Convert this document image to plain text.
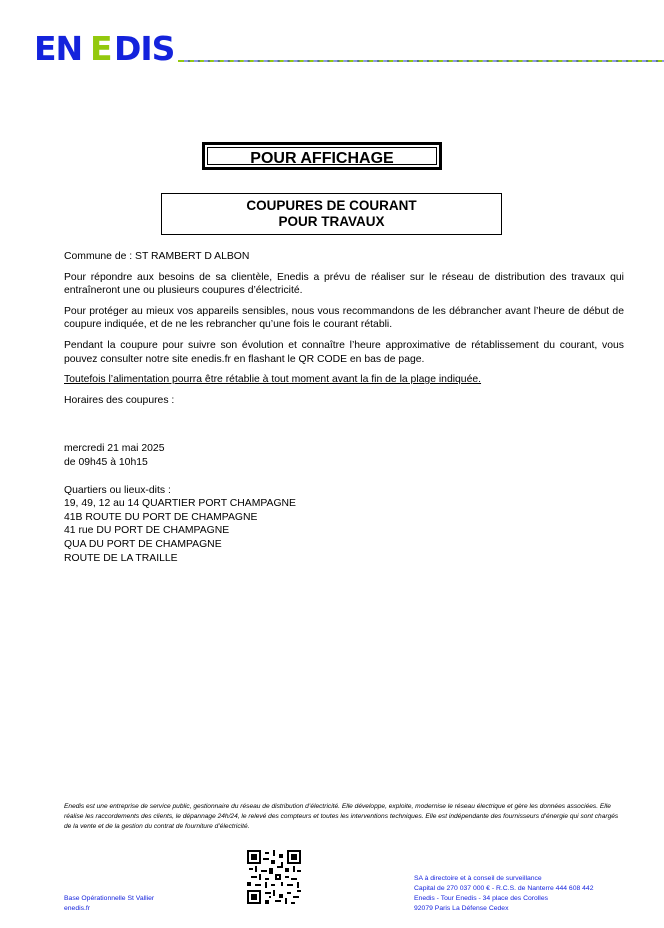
EN E DIS
POUR AFFICHAGE
COUPURES DE COURANT
POUR TRAVAUX

Commune de : ST RAMBERT D ALBON

Pour répondre aux besoins de sa clientèle, Enedis a prévu de réaliser sur le réseau de distribution des travaux qui entraîneront une ou plusieurs coupures d’électricité.

Pour protéger au mieux vos appareils sensibles, nous vous recommandons de les débrancher avant l’heure de début de coupure indiquée, et de ne les rebrancher qu’une fois le courant rétabli.

Pendant la coupure pour suivre son évolution et connaître l’heure approximative de rétablissement du courant, vous pouvez consulter notre site enedis.fr en flashant le QR CODE en bas de page.

Toutefois l’alimentation pourra être rétablie à tout moment avant la fin de la plage indiquée.

Horaires des coupures :

mercredi 21 mai 2025
de 09h45 à 10h15
Quartiers ou lieux-dits :
19, 49, 12 au 14 QUARTIER PORT CHAMPAGNE
41B ROUTE DU PORT DE CHAMPAGNE
41 rue DU PORT DE CHAMPAGNE
QUA DU PORT DE CHAMPAGNE
ROUTE DE LA TRAILLE
Enedis est une entreprise de service public, gestionnaire du réseau de distribution d’électricité. Elle développe, exploite, modernise le réseau électrique et gère les données associées. Elle réalise les raccordements des clients, le dépannage 24h/24, le relevé des compteurs et toutes les interventions techniques. Elle est indépendante des fournisseurs d’énergie qui sont chargés de la vente et de la gestion du contrat de fourniture d’électricité.
Base Opérationnelle St Vallier
enedis.fr
SA à directoire et à conseil de surveillance
Capital de 270 037 000 € - R.C.S. de Nanterre 444 608 442
Enedis - Tour Enedis - 34 place des Corolles
92079 Paris La Défense Cedex
